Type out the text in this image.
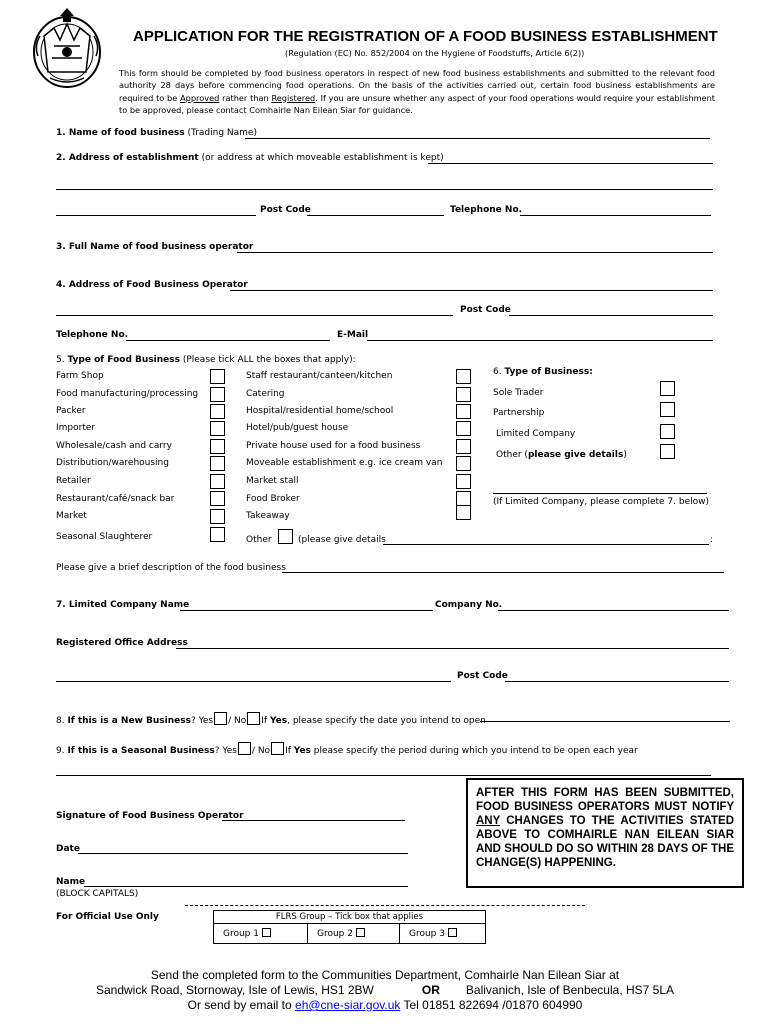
APPLICATION FOR THE REGISTRATION OF A FOOD BUSINESS ESTABLISHMENT
(Regulation (EC) No. 852/2004 on the Hygiene of Foodstuffs, Article 6(2))
This form should be completed by food business operators in respect of new food business establishments and submitted to the relevant food authority 28 days before commencing food operations. On the basis of the activities carried out, certain food business establishments are required to be Approved rather than Registered. If you are unsure whether any aspect of your food operations would require your establishment to be approved, please contact Comhairle Nan Eilean Siar for guidance.
1. Name of food business (Trading Name)
2. Address of establishment (or address at which moveable establishment is kept)
Post Code	Telephone No.
3. Full Name of food business operator
4. Address of Food Business Operator
Post Code
Telephone No.	E-Mail
5. Type of Food Business (Please tick ALL the boxes that apply):
Farm Shop
Food manufacturing/processing
Packer
Importer
Wholesale/cash and carry
Distribution/warehousing
Retailer
Restaurant/café/snack bar
Market
Seasonal Slaughterer
Staff restaurant/canteen/kitchen
Catering
Hospital/residential home/school
Hotel/pub/guest house
Private house used for a food business
Moveable establishment e.g. ice cream van
Market stall
Food Broker
Takeaway
Other	(please give details	:
6. Type of Business:
Sole Trader
Partnership
Limited Company
Other (please give details)
(If Limited Company, please complete 7. below)
Please give a brief description of the food business
7. Limited Company Name	Company No.
Registered Office Address
Post Code
8. If this is a New Business? Yes / No If Yes, please specify the date you intend to open
9. If this is a Seasonal Business? Yes / No If Yes please specify the period during which you intend to be open each year
Signature of Food Business Operator
Date
Name
(BLOCK CAPITALS)
AFTER THIS FORM HAS BEEN SUBMITTED, FOOD BUSINESS OPERATORS MUST NOTIFY ANY CHANGES TO THE ACTIVITIES STATED ABOVE TO COMHAIRLE NAN EILEAN SIAR AND SHOULD DO SO WITHIN 28 DAYS OF THE CHANGE(S) HAPPENING.
For Official Use Only	FLRS Group – Tick box that applies
Group 1	Group 2	Group 3
Send the completed form to the Communities Department, Comhairle Nan Eilean Siar at
Sandwick Road, Stornoway, Isle of Lewis, HS1 2BW	OR Balivanich, Isle of Benbecula, HS7 5LA
Or send by email to eh@cne-siar.gov.uk Tel 01851 822694 /01870 604990
